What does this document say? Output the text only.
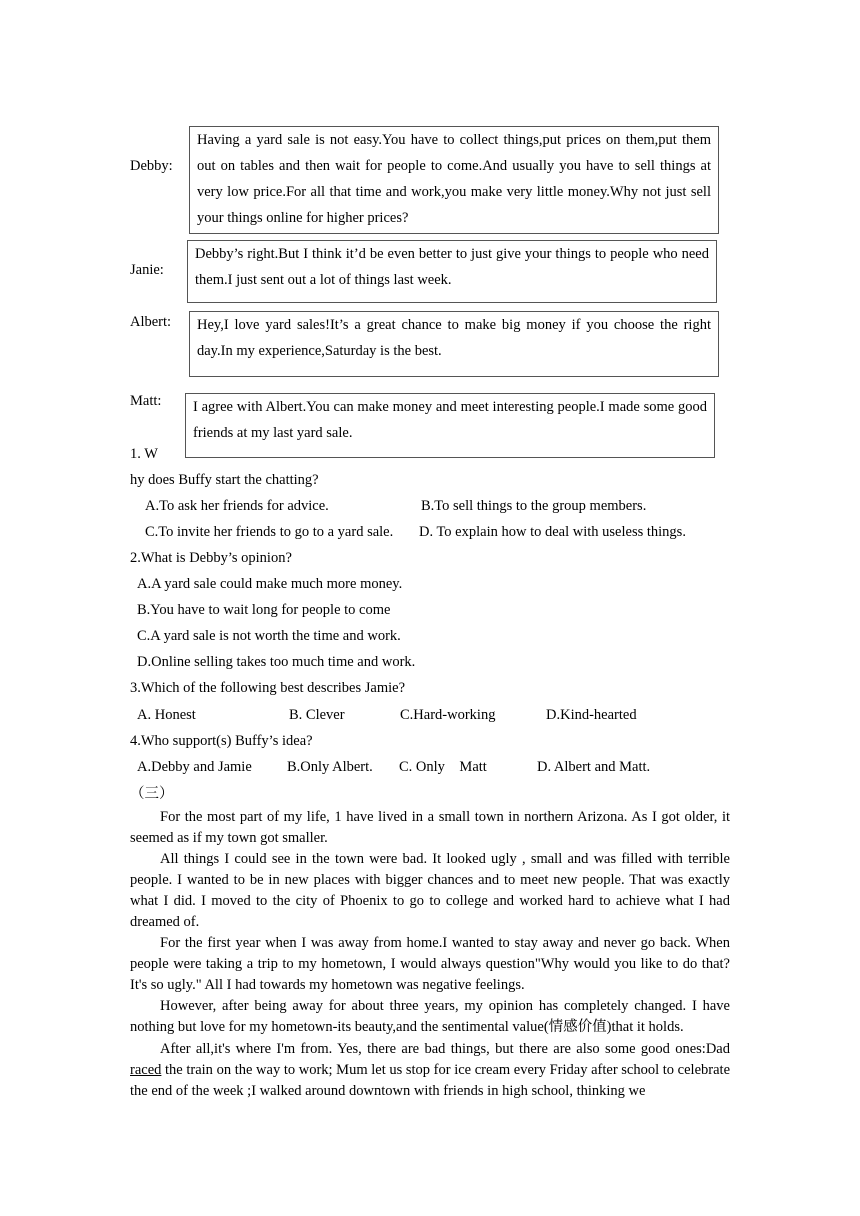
Debby:
Having a yard sale is not easy.You have to collect things,put prices on them,put them out on tables and then wait for people to come.And usually you have to sell things at very low price.For all that time and work,you make very little money.Why not just sell your things online for higher prices?
Janie:
Debby’s right.But I think it’d be even better to just give your things to people who need them.I just sent out a lot of things last week.
Albert:	Hey,I love yard sales!It’s a great chance to make big money if you choose the right day.In my experience,Saturday is the best.
Matt:	I agree with Albert.You can make money and meet interesting people.I made some good friends at my last yard sale.
1. W
hy does Buffy start the chatting?
A.To ask her friends for advice.	B.To sell things to the group members.
C.To invite her friends to go to a yard sale. D. To explain how to deal with useless things.
2.What is Debby’s opinion?
A.A yard sale could make much more money.
B.You have to wait long for people to come
C.A yard sale is not worth the time and work.
D.Online selling takes too much time and work.
3.Which of the following best describes Jamie?
A. Honest	B. Clever	C.Hard-working	D.Kind-hearted
4.Who support(s) Buffy’s idea?
A.Debby and Jamie B.Only Albert. C. Only    Matt	D. Albert and Matt.
（三）
For the most part of my life, 1 have lived in a small town in northern Arizona. As I got older, it seemed as if my town got smaller.
All things I could see in the town were bad. It looked ugly , small and was filled with terrible people. I wanted to be in new places with bigger chances and to meet new people. That was exactly what I did. I moved to the city of Phoenix to go to college and worked hard to achieve what I had dreamed of.
For the first year when I was away from home.I wanted to stay away and never go back. When people were taking a trip to my hometown, I would always question"Why would you like to do that? It's so ugly." All I had towards my hometown was negative feelings.
However, after being away for about three years, my opinion has completely changed. I have nothing but love for my hometown-its beauty,and the sentimental value(情感价值)that it holds.
After all,it's where I'm from. Yes, there are bad things, but there are also some good ones:Dad raced the train on the way to work; Mum let us stop for ice cream every Friday after school to celebrate the end of the week ;I walked around downtown with friends in high school, thinking we
